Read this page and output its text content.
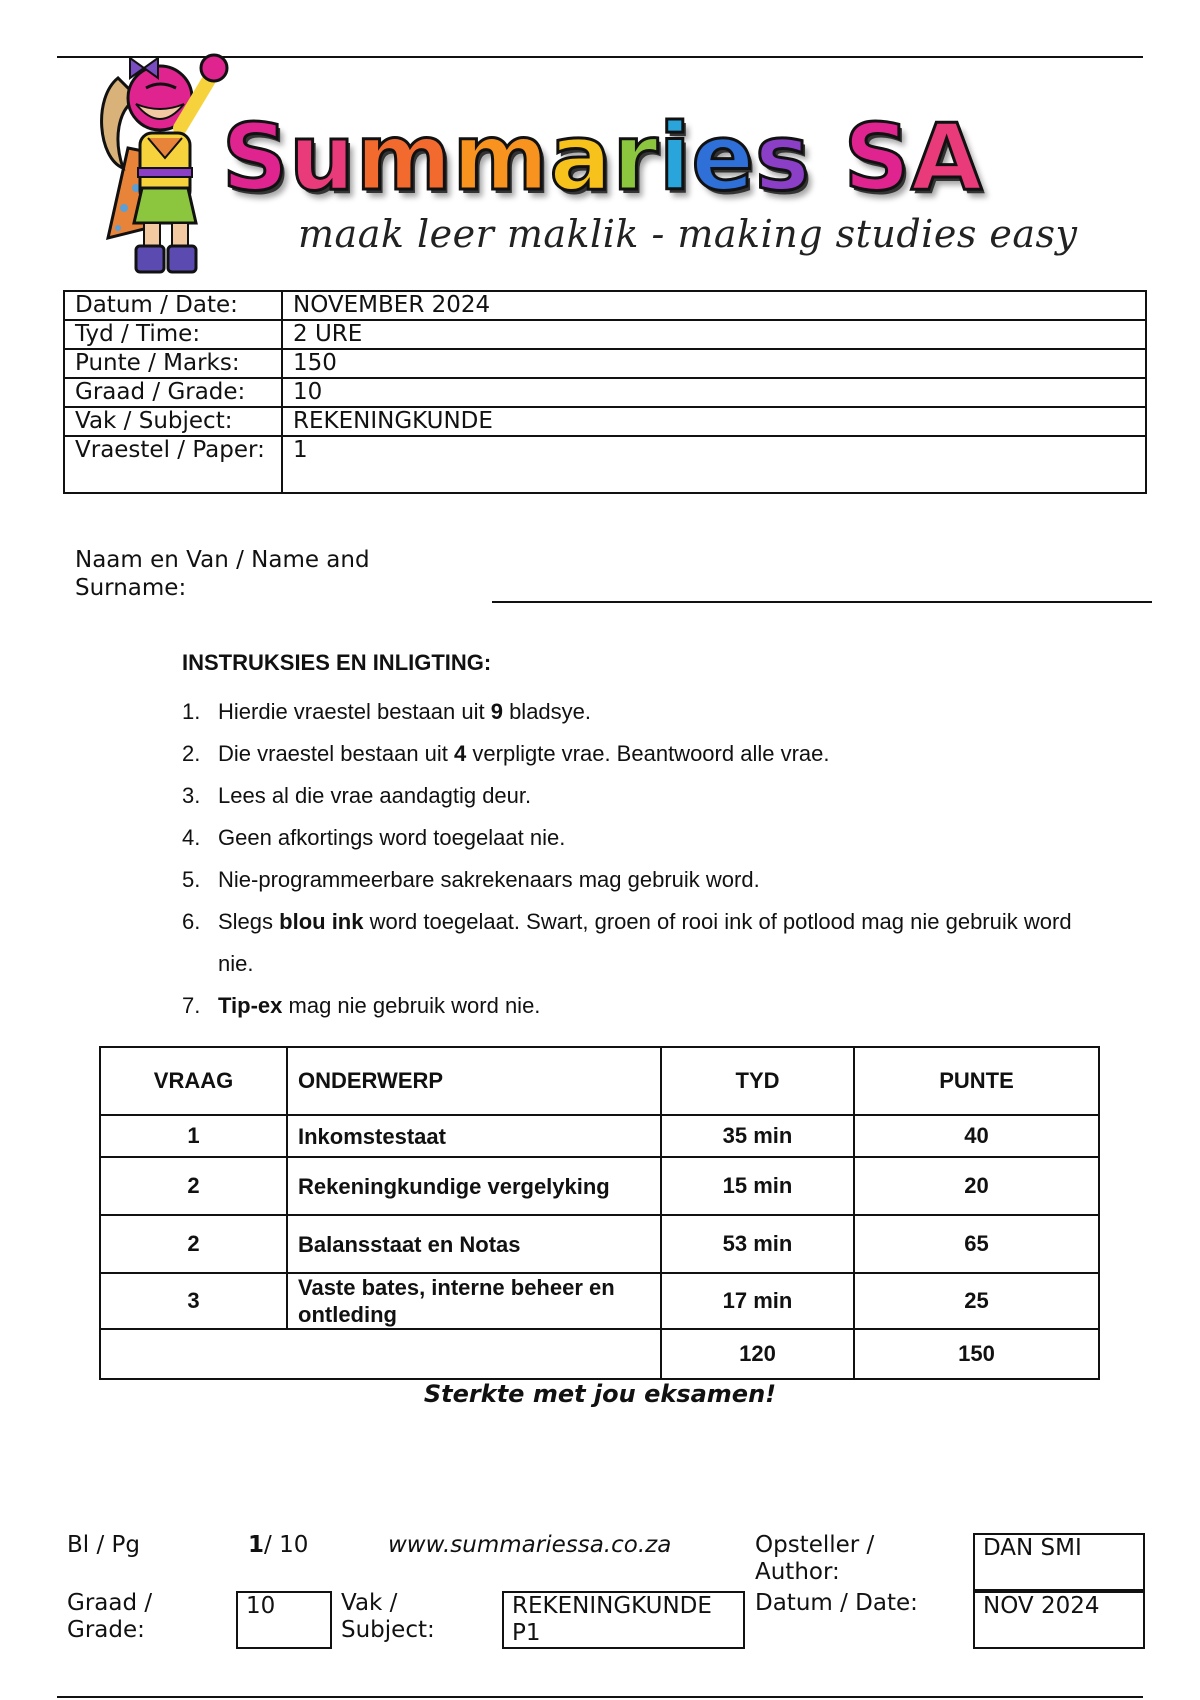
Summaries SA
maak leer maklik - making studies easy
Datum / Date:	NOVEMBER 2024
Tyd / Time:	2 URE
Punte / Marks:	150
Graad / Grade:	10
Vak / Subject:	REKENINGKUNDE
Vraestel / Paper:	1
Naam en Van / Name and Surname:
INSTRUKSIES EN INLIGTING:
1. Hierdie vraestel bestaan uit 9 bladsye.
2. Die vraestel bestaan uit 4 verpligte vrae. Beantwoord alle vrae.
3. Lees al die vrae aandagtig deur.
4. Geen afkortings word toegelaat nie.
5. Nie-programmeerbare sakrekenaars mag gebruik word.
6. Slegs blou ink word toegelaat. Swart, groen of rooi ink of potlood mag nie gebruik word nie.
7. Tip-ex mag nie gebruik word nie.
VRAAG	ONDERWERP	TYD	PUNTE
1	Inkomstestaat	35 min	40
2	Rekeningkundige vergelyking	15 min	20
2	Balansstaat en Notas	53 min	65
3	Vaste bates, interne beheer en ontleding	17 min	25
		120	150
Sterkte met jou eksamen!
Bl / Pg	1/ 10	www.summariessa.co.za	Opsteller / Author:
DAN SMI
Graad / Grade:
10	Vak / Subject:
REKENINGKUNDE P1
Datum / Date:	NOV 2024
